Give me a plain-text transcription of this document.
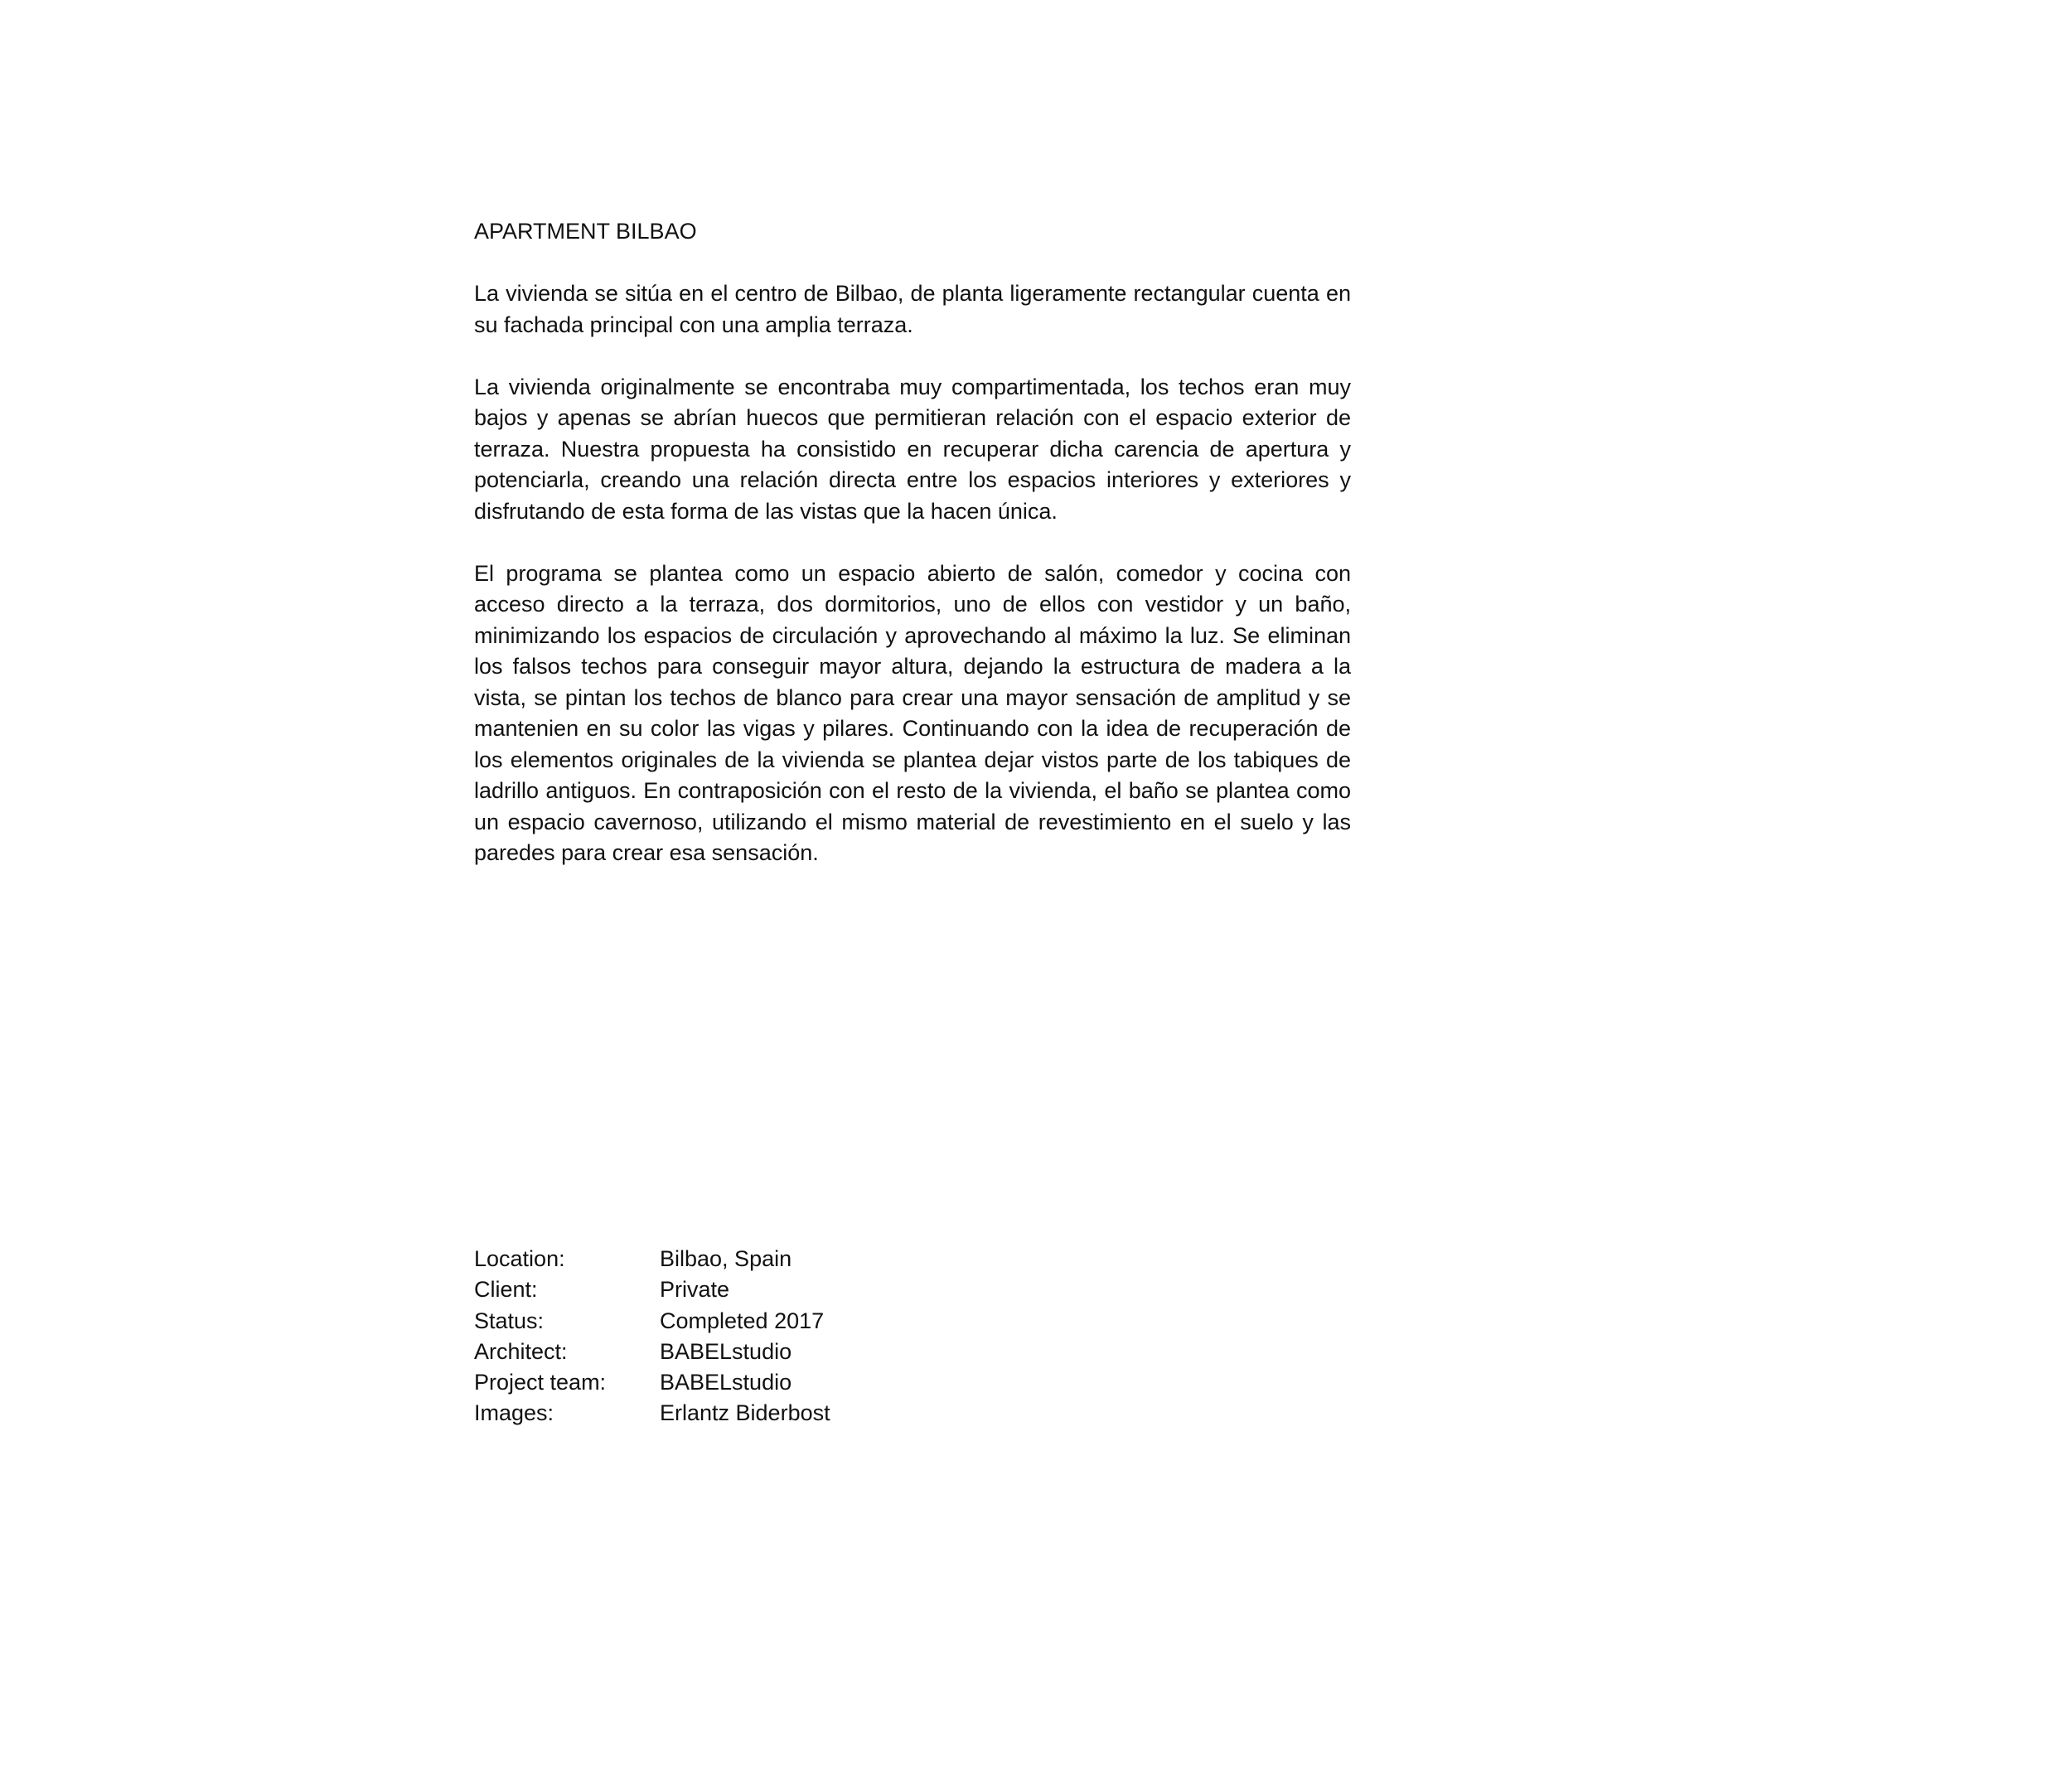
APARTMENT BILBAO

La vivienda se sitúa en el centro de Bilbao, de planta ligeramente rectangular cuenta en su fachada principal con una amplia terraza.

La vivienda originalmente se encontraba muy compartimentada, los techos eran muy bajos y apenas se abrían huecos que permitieran relación con el espacio exterior de terraza. Nuestra propuesta ha consistido en recuperar dicha carencia de apertura y potenciarla, creando una relación directa entre los espacios interiores y exteriores y disfrutando de esta forma de las vistas que la hacen única.

El programa se plantea como un espacio abierto de salón, comedor y cocina con acceso directo a la terraza, dos dormitorios, uno de ellos con vestidor y un baño, minimizando los espacios de circulación y aprovechando al máximo la luz. Se eliminan los falsos techos para conseguir mayor altura, dejando la estructura de madera a la vista, se pintan los techos de blanco para crear una mayor sensación de amplitud y se mantenien en su color las vigas y pilares. Continuando con la idea de recuperación de los elementos originales de la vivienda se plantea dejar vistos parte de los tabiques de ladrillo antiguos. En contraposición con el resto de la vivienda, el baño se plantea como un espacio cavernoso, utilizando el mismo material de revestimiento en el suelo y las paredes para crear esa sensación.

Location:	Bilbao, Spain
Client:	Private
Status:	Completed 2017
Architect:	BABELstudio
Project team:	BABELstudio
Images:	Erlantz Biderbost
